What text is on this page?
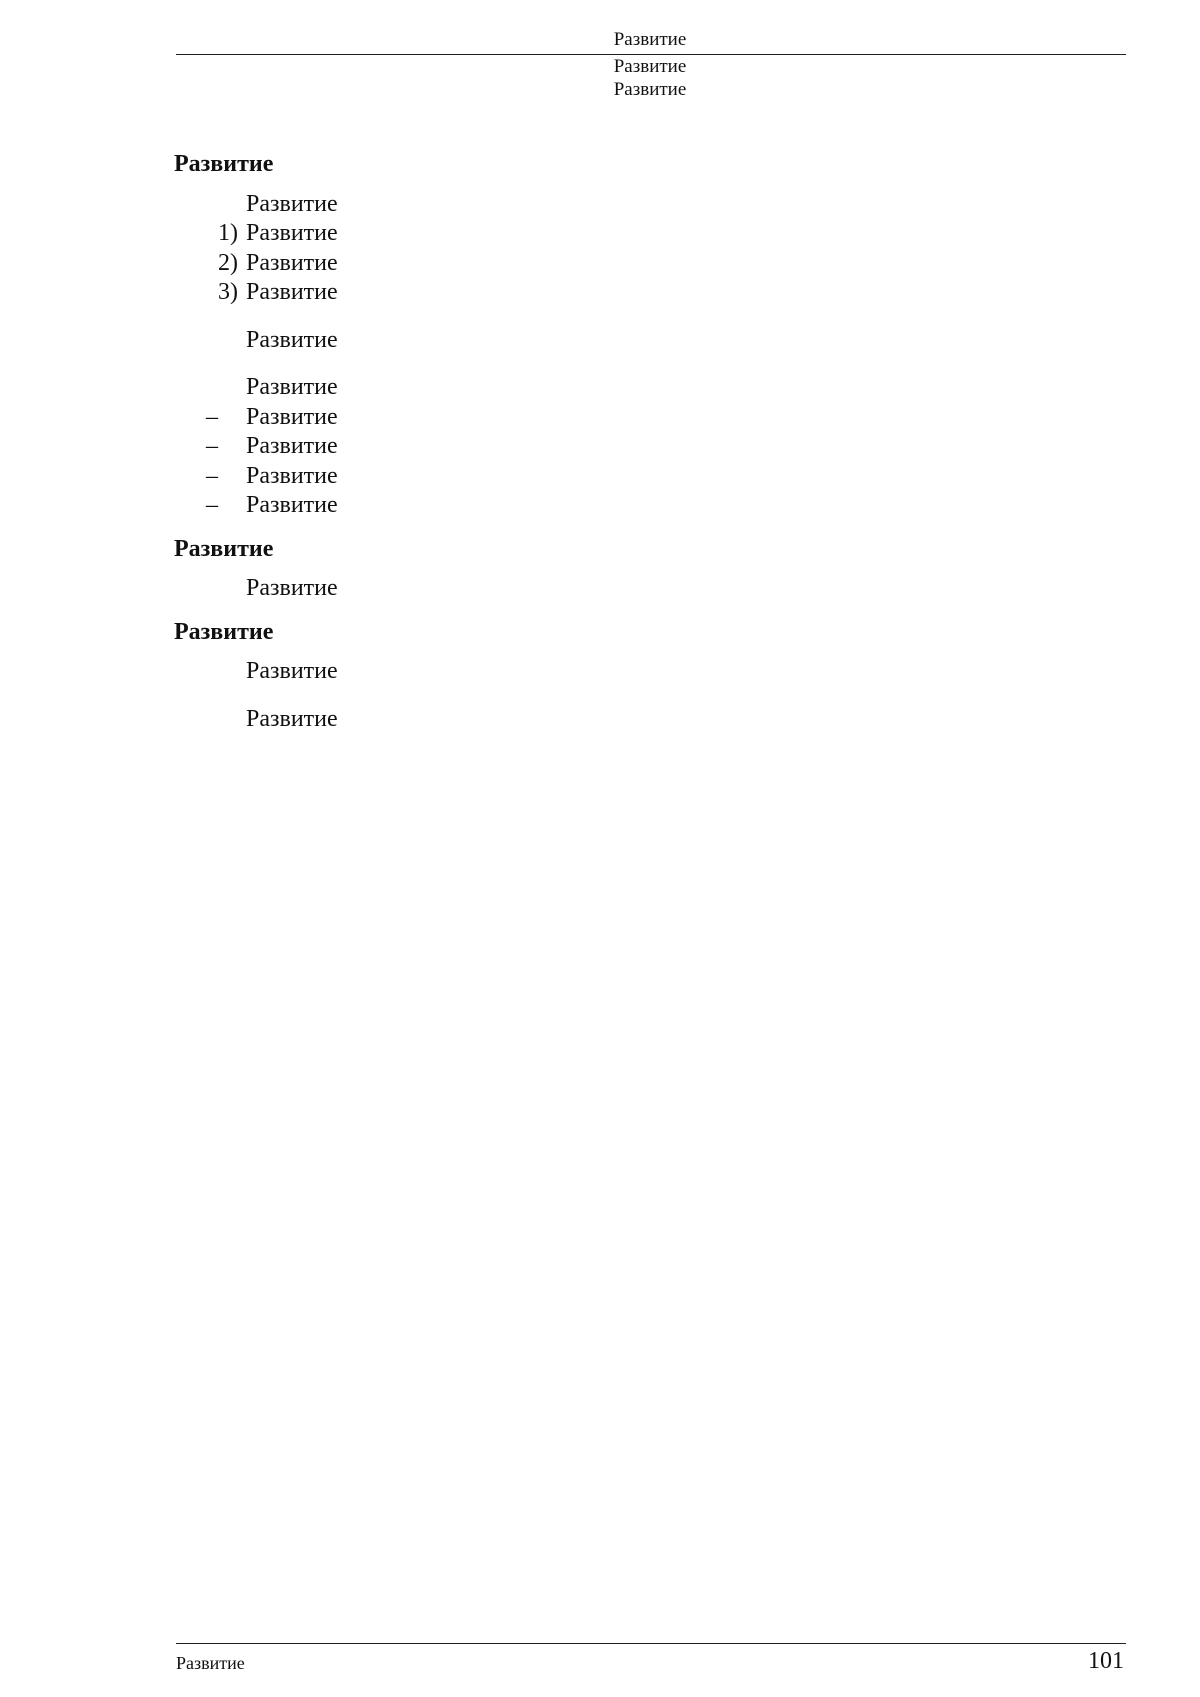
Развитие
Развитие
Развитие

Развитие

Развитие

1) Развитие
2) Развитие
3) Развитие

Развитие

Развитие

– Развитие
– Развитие
– Развитие
– Развитие

Развитие

Развитие

Развитие

Развитие

Развитие

Развитие	101
